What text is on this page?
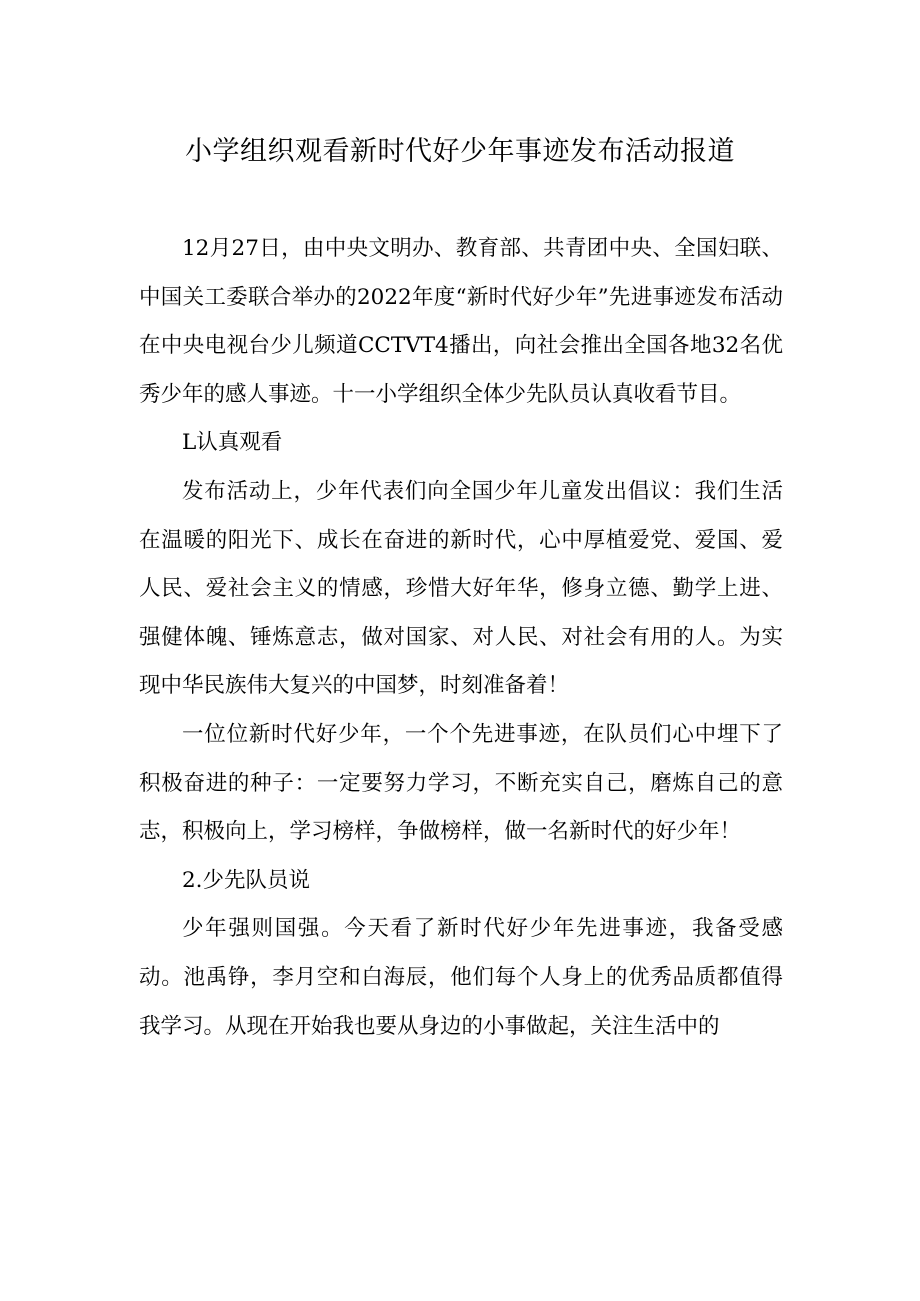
小学组织观看新时代好少年事迹发布活动报道

12月27日，由中央文明办、教育部、共青团中央、全国妇联、中国关工委联合举办的2022年度“新时代好少年”先进事迹发布活动在中央电视台少儿频道CCTVT4播出，向社会推出全国各地32名优秀少年的感人事迹。十一小学组织全体少先队员认真收看节目。

L认真观看

发布活动上，少年代表们向全国少年儿童发出倡议：我们生活在温暖的阳光下、成长在奋进的新时代，心中厚植爱党、爱国、爱人民、爱社会主义的情感，珍惜大好年华，修身立德、勤学上进、强健体魄、锤炼意志，做对国家、对人民、对社会有用的人。为实现中华民族伟大复兴的中国梦，时刻准备着！

一位位新时代好少年，一个个先进事迹，在队员们心中埋下了积极奋进的种子：一定要努力学习，不断充实自己，磨炼自己的意志，积极向上，学习榜样，争做榜样，做一名新时代的好少年！

2.少先队员说

少年强则国强。今天看了新时代好少年先进事迹，我备受感动。池禹铮，李月空和白海辰，他们每个人身上的优秀品质都值得我学习。从现在开始我也要从身边的小事做起，关注生活中的
